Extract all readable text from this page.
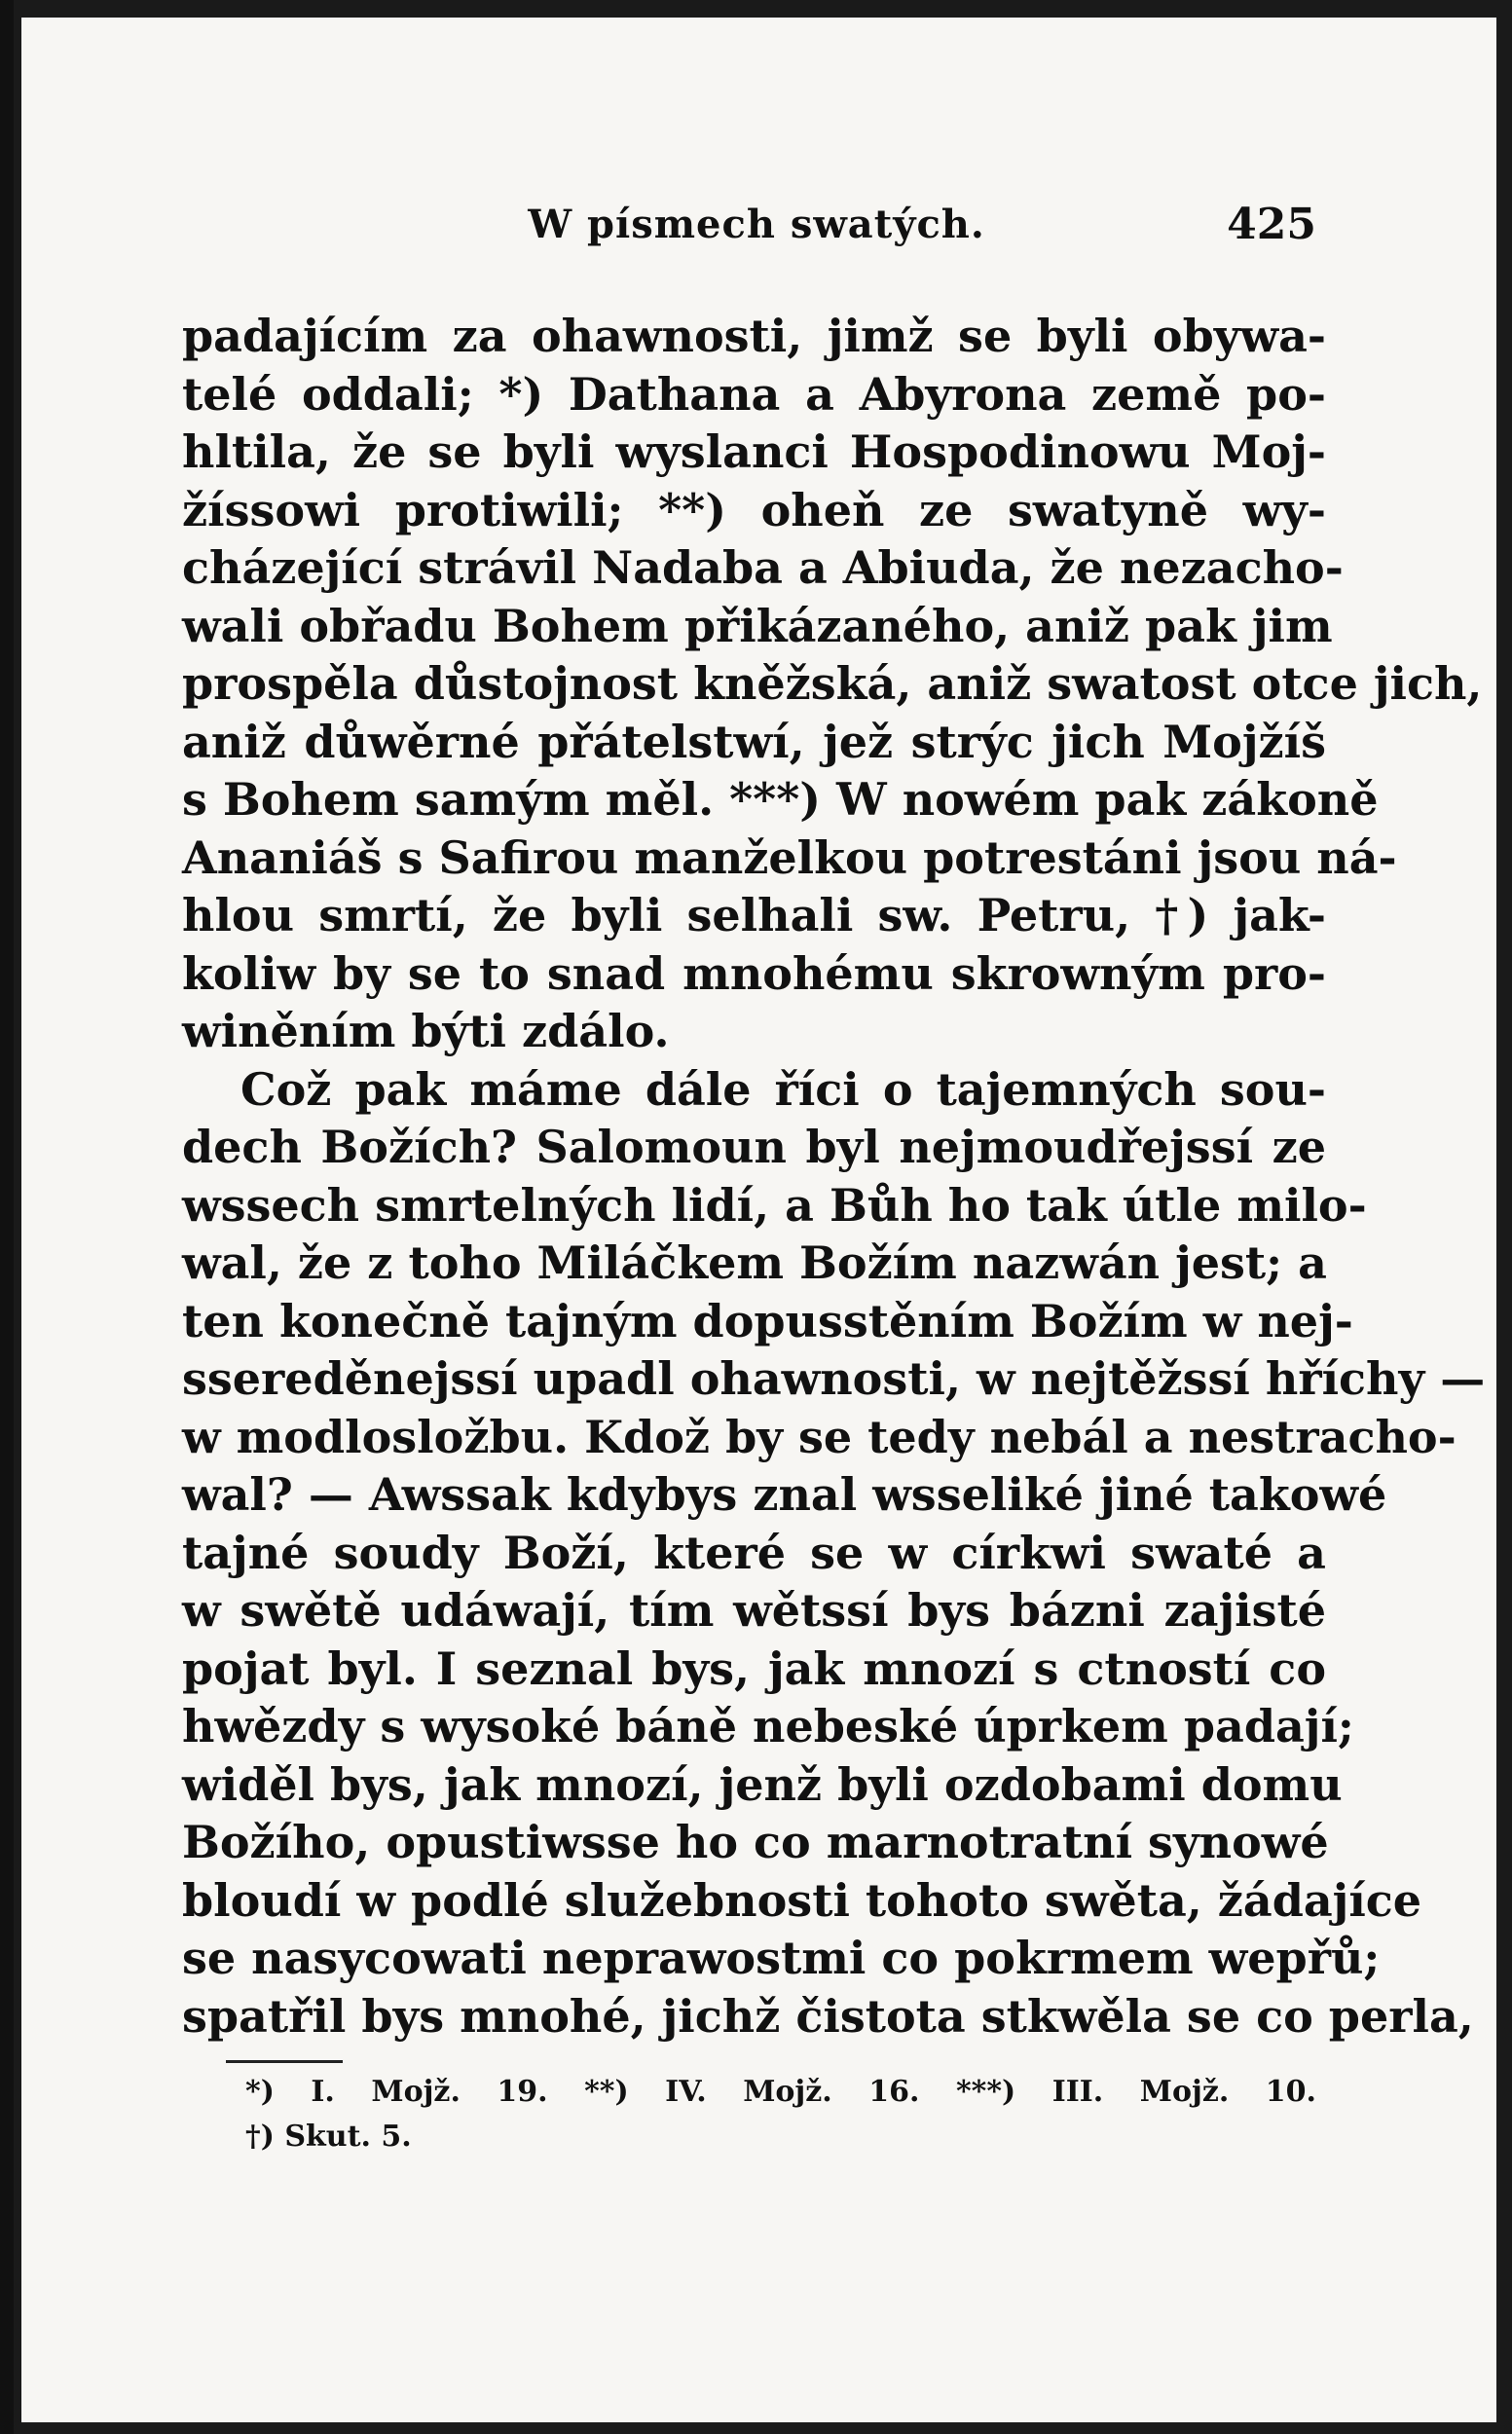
W písmech swatých.	425
padajícím za ohawnosti, jimž se byli obywa-
telé oddali; *) Dathana a Abyrona země po-
hltila, že se byli wyslanci Hospodinowu Moj-
žíssowi protiwili; **) oheň ze swatyně wy-
cházející strávil Nadaba a Abiuda, že nezacho-
wali obřadu Bohem přikázaného, aniž pak jim
prospěla důstojnost kněžská, aniž swatost otce jich,
aniž důwěrné přátelstwí, jež strýc jich Mojžíš
s Bohem samým měl. ***) W nowém pak zákoně
Ananiáš s Safirou manželkou potrestáni jsou ná-
hlou smrtí, že byli selhali sw. Petru, †) jak-
koliw by se to snad mnohému skrowným pro-
winěním býti zdálo.
Což pak máme dále říci o tajemných sou-
dech Božích? Salomoun byl nejmoudřejssí ze
wssech smrtelných lidí, a Bůh ho tak útle milo-
wal, že z toho Miláčkem Božím nazwán jest; a
ten konečně tajným dopusstěním Božím w nej-
ssereděnejssí upadl ohawnosti, w nejtěžssí hříchy —
w modlosložbu. Kdož by se tedy nebál a nestracho-
wal? — Awssak kdybys znal wsseliké jiné takowé
tajné soudy Boží, které se w církwi swaté a
w swětě udáwají, tím wětssí bys bázni zajisté
pojat byl. I seznal bys, jak mnozí s ctností co
hwězdy s wysoké báně nebeské úprkem padají;
widěl bys, jak mnozí, jenž byli ozdobami domu
Božího, opustiwsse ho co marnotratní synowé
bloudí w podlé služebnosti tohoto swěta, žádajíce
se nasycowati neprawostmi co pokrmem wepřů;
spatřil bys mnohé, jichž čistota stkwěla se co perla,
*) I. Mojž. 19. **) IV. Mojž. 16. ***) III. Mojž. 10.
†) Skut. 5.
